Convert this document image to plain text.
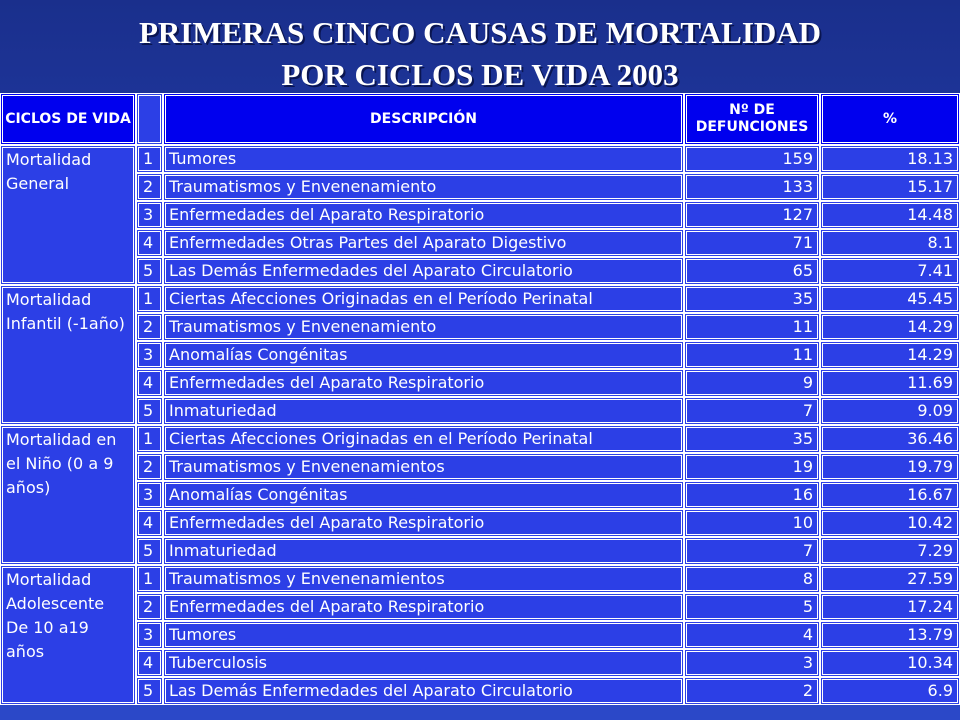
PRIMERAS CINCO CAUSAS DE MORTALIDAD
POR CICLOS DE VIDA 2003
CICLOS DE VIDA		DESCRIPCIÓN	Nº DE DEFUNCIONES	%
Mortalidad General	1	Tumores	159	18.13
	2	Traumatismos y Envenenamiento	133	15.17
	3	Enfermedades del Aparato Respiratorio	127	14.48
	4	Enfermedades Otras Partes del Aparato Digestivo	71	8.1
	5	Las Demás Enfermedades del Aparato Circulatorio	65	7.41
Mortalidad Infantil (-1año)	1	Ciertas Afecciones Originadas en el Período Perinatal	35	45.45
	2	Traumatismos y Envenenamiento	11	14.29
	3	Anomalías Congénitas	11	14.29
	4	Enfermedades del Aparato Respiratorio	9	11.69
	5	Inmaturiedad	7	9.09
Mortalidad en el Niño (0 a 9 años)	1	Ciertas Afecciones Originadas en el Período Perinatal	35	36.46
	2	Traumatismos y Envenenamientos	19	19.79
	3	Anomalías Congénitas	16	16.67
	4	Enfermedades del Aparato Respiratorio	10	10.42
	5	Inmaturiedad	7	7.29
Mortalidad Adolescente De 10 a19 años	1	Traumatismos y Envenenamientos	8	27.59
	2	Enfermedades del Aparato Respiratorio	5	17.24
	3	Tumores	4	13.79
	4	Tuberculosis	3	10.34
	5	Las Demás Enfermedades del Aparato Circulatorio	2	6.9
